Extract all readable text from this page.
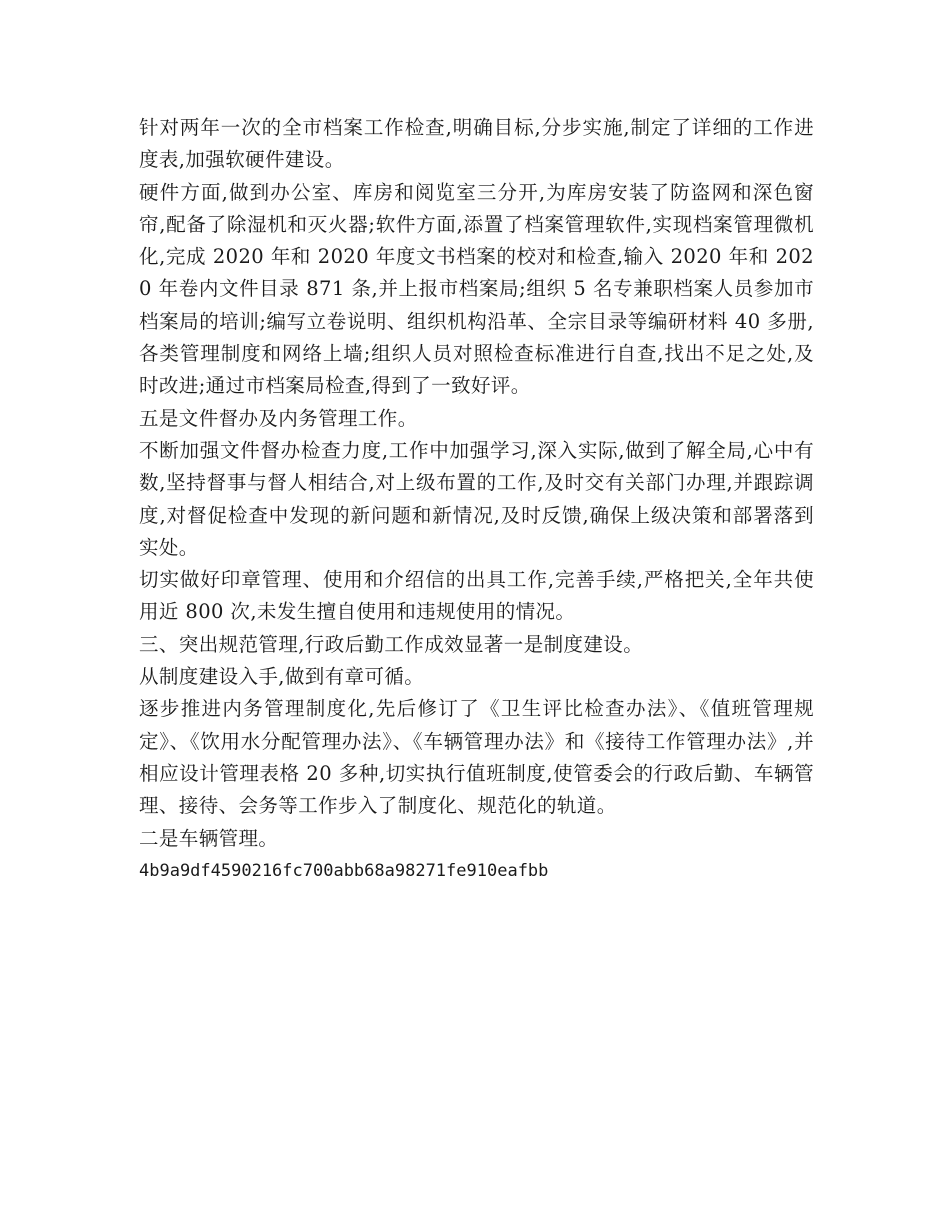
针对两年一次的全市档案工作检查,明确目标,分步实施,制定了详细的工作进度表,加强软硬件建设。

硬件方面,做到办公室、库房和阅览室三分开,为库房安装了防盗网和深色窗帘,配备了除湿机和灭火器;软件方面,添置了档案管理软件,实现档案管理微机化,完成 2020 年和 2020 年度文书档案的校对和检查,输入 2020 年和 2020 年卷内文件目录 871 条,并上报市档案局;组织 5 名专兼职档案人员参加市档案局的培训;编写立卷说明、组织机构沿革、全宗目录等编研材料 40 多册,各类管理制度和网络上墙;组织人员对照检查标准进行自查,找出不足之处,及时改进;通过市档案局检查,得到了一致好评。

五是文件督办及内务管理工作。

不断加强文件督办检查力度,工作中加强学习,深入实际,做到了解全局,心中有数,坚持督事与督人相结合,对上级布置的工作,及时交有关部门办理,并跟踪调度,对督促检查中发现的新问题和新情况,及时反馈,确保上级决策和部署落到实处。

切实做好印章管理、使用和介绍信的出具工作,完善手续,严格把关,全年共使用近 800 次,未发生擅自使用和违规使用的情况。

三、突出规范管理,行政后勤工作成效显著一是制度建设。

从制度建设入手,做到有章可循。

逐步推进内务管理制度化,先后修订了《卫生评比检查办法》、《值班管理规定》、《饮用水分配管理办法》、《车辆管理办法》和《接待工作管理办法》,并相应设计管理表格 20 多种,切实执行值班制度,使管委会的行政后勤、车辆管理、接待、会务等工作步入了制度化、规范化的轨道。

二是车辆管理。

4b9a9df4590216fc700abb68a98271fe910eafbb
